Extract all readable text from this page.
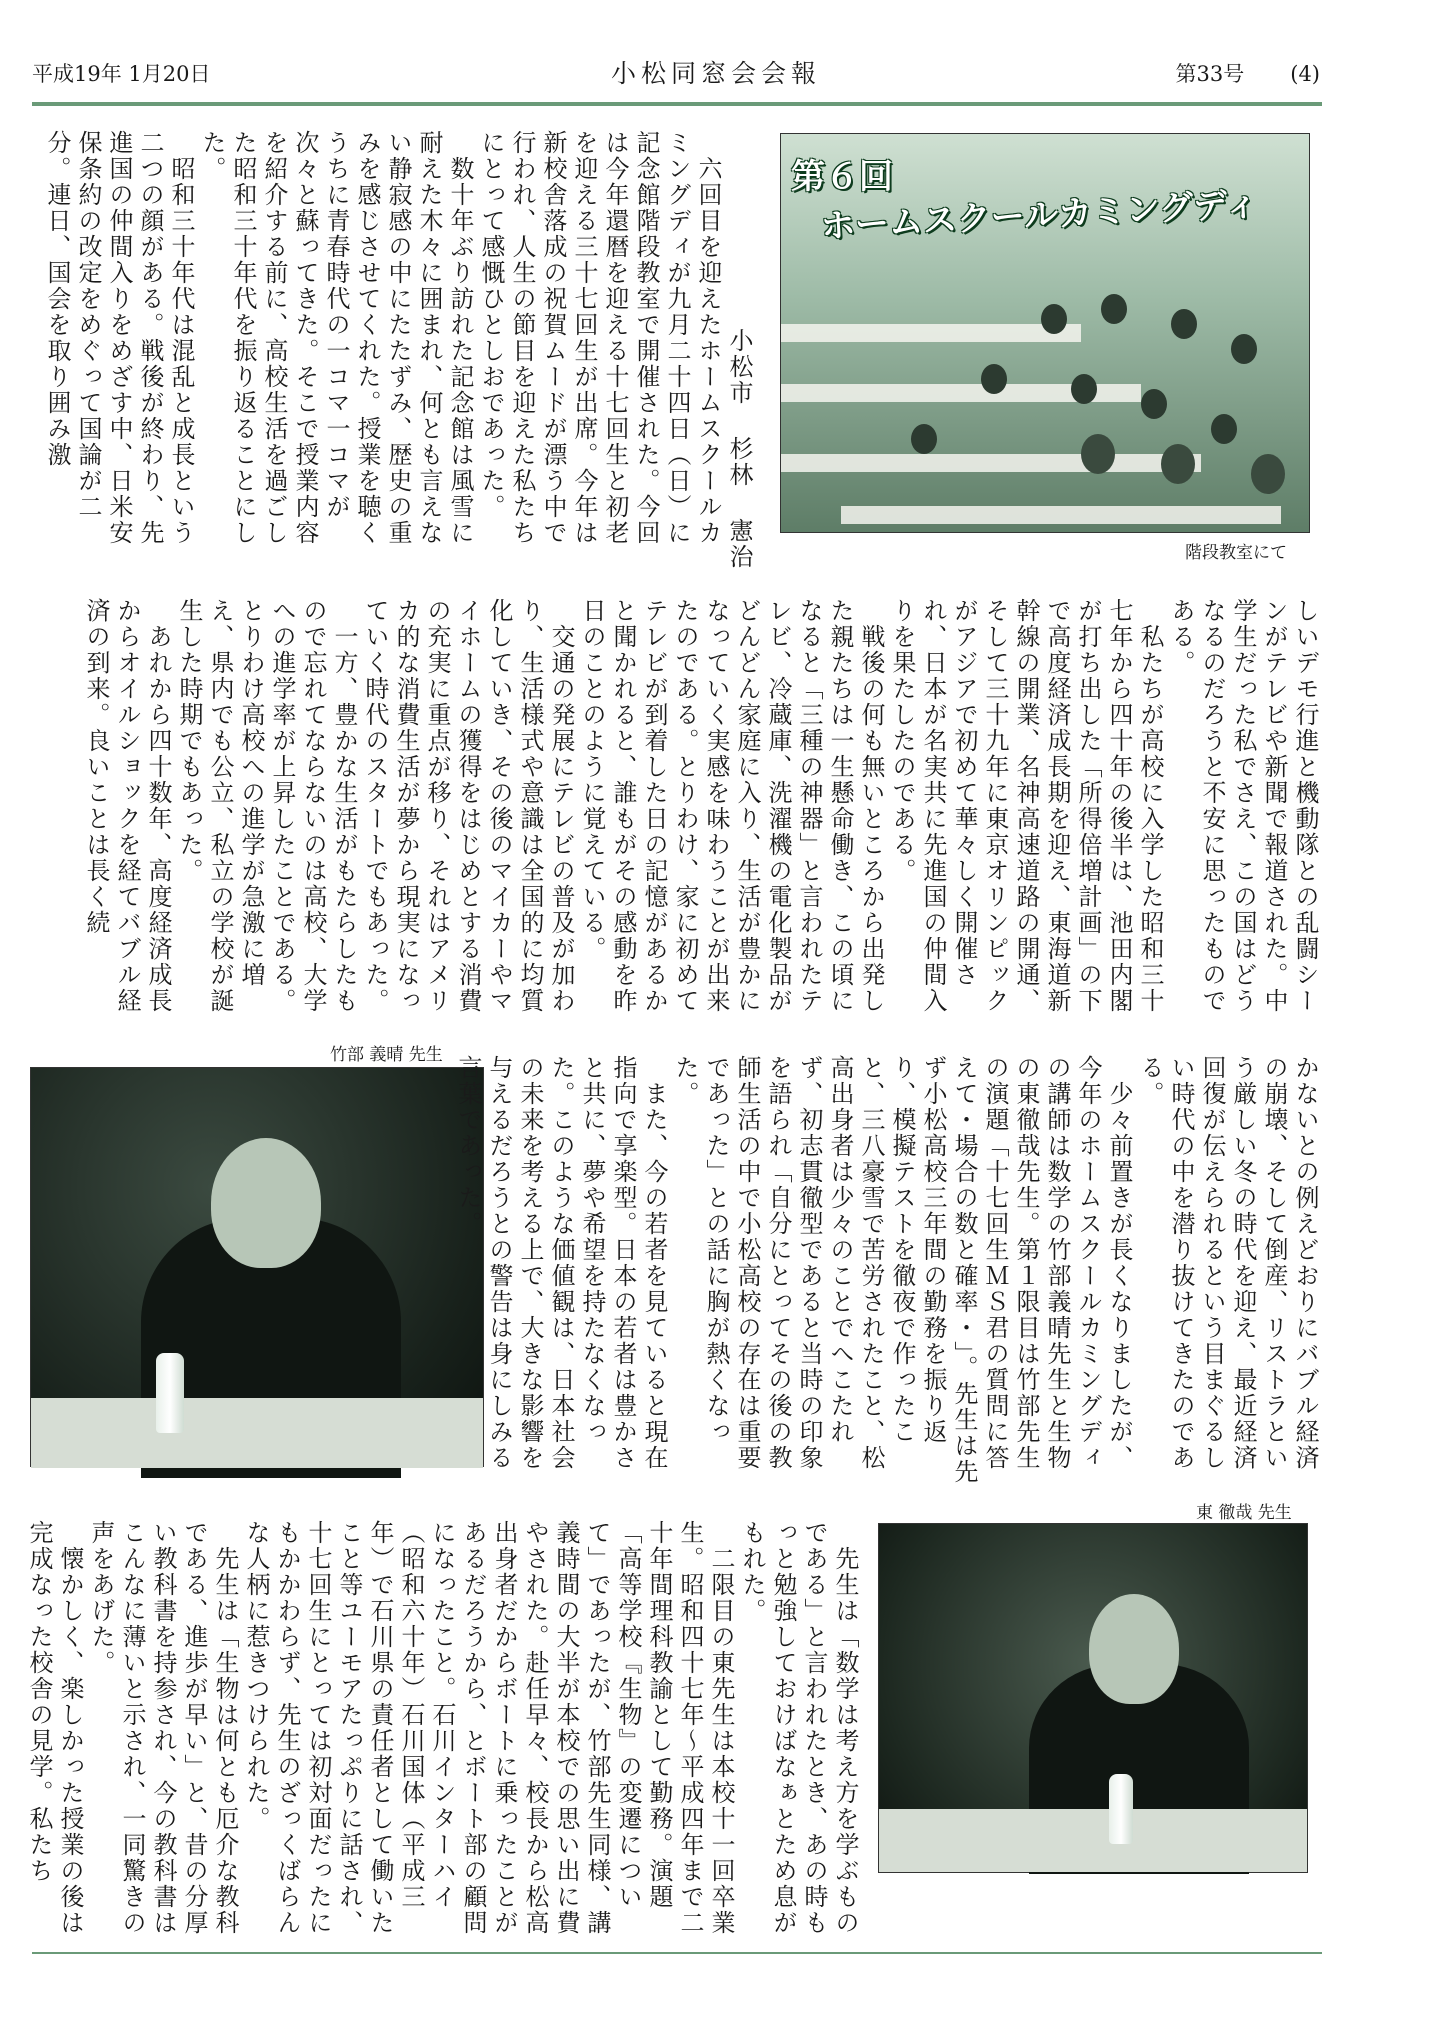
平成19年 1月20日	小松同窓会会報	第33号 (4)
第６回
ホームスクールカミングディ
階段教室にて

小松市 杉林 憲治

　六回目を迎えたホームスクールカミングディが九月二十四日（日）に記念館階段教室で開催された。今回は今年還暦を迎える十七回生と初老を迎える三十七回生が出席。今年は新校舎落成の祝賀ムードが漂う中で行われ、人生の節目を迎えた私たちにとって感慨ひとしおであった。
　数十年ぶり訪れた記念館は風雪に耐えた木々に囲まれ、何とも言えない静寂感の中にたたずみ、歴史の重みを感じさせてくれた。授業を聴くうちに青春時代の一コマ一コマが次々と蘇ってきた。そこで授業内容を紹介する前に、高校生活を過ごした昭和三十年代を振り返ることにした。
　昭和三十年代は混乱と成長という二つの顔がある。戦後が終わり、先進国の仲間入りをめざす中、日米安保条約の改定をめぐって国論が二分。連日、国会を取り囲み激

しいデモ行進と機動隊との乱闘シーンがテレビや新聞で報道された。中学生だった私でさえ、この国はどうなるのだろうと不安に思ったものである。
　私たちが高校に入学した昭和三十七年から四十年の後半は、池田内閣が打ち出した「所得倍増計画」の下で高度経済成長期を迎え、東海道新幹線の開業、名神高速道路の開通、そして三十九年に東京オリンピックがアジアで初めて華々しく開催され、日本が名実共に先進国の仲間入りを果たしたのである。
　戦後の何も無いところから出発した親たちは一生懸命働き、この頃になると「三種の神器」と言われたテレビ、冷蔵庫、洗濯機の電化製品がどんどん家庭に入り、生活が豊かになっていく実感を味わうことが出来たのである。とりわけ、家に初めてテレビが到着した日の記憶があるかと聞かれると、誰もがその感動を昨日のことのように覚えている。
　交通の発展にテレビの普及が加わり、生活様式や意識は全国的に均質化していき、その後のマイカーやマイホームの獲得をはじめとする消費の充実に重点が移り、それはアメリカ的な消費生活が夢から現実になっていく時代のスタートでもあった。
　一方、豊かな生活がもたらしたもので忘れてならないのは高校、大学への進学率が上昇したことである。とりわけ高校への進学が急激に増え、県内でも公立、私立の学校が誕生した時期でもあった。
　あれから四十数年、高度経済成長からオイルショックを経てバブル経済の到来。良いことは長く続

竹部 義晴 先生	かないとの例えどおりにバブル経済の崩壊、そして倒産、リストラという厳しい冬の時代を迎え、最近経済回復が伝えられるという目まぐるしい時代の中を潜り抜けてきたのである。
　少々前置きが長くなりましたが、今年のホームスクールカミングディの講師は数学の竹部義晴先生と生物の東徹哉先生。第１限目は竹部先生の演題「十七回生ＭＳ君の質問に答えて・場合の数と確率・」。先生は先ず小松高校三年間の勤務を振り返り、模擬テストを徹夜で作ったこと、三八豪雪で苦労されたこと、松高出身者は少々のことでへこたれず、初志貫徹型であると当時の印象を語られ「自分にとってその後の教師生活の中で小松高校の存在は重要であった」との話に胸が熱くなった。
　また、今の若者を見ていると現在指向で享楽型。日本の若者は豊かさと共に、夢や希望を持たなくなった。このような価値観は、日本社会の未来を考える上で、大きな影響を与えるだろうとの警告は身にしみる言葉であった。

東 徹哉 先生

　先生は「数学は考え方を学ぶものである」と言われたとき、あの時もっと勉強しておけばなぁとため息がもれた。
　二限目の東先生は本校十一回卒業生。昭和四十七年〜平成四年まで二十年間理科教諭として勤務。演題「高等学校『生物』の変遷について」であったが、竹部先生同様、講義時間の大半が本校での思い出に費やされた。赴任早々、校長から松高出身者だからボートに乗ったことがあるだろうから、とボート部の顧問になったこと。石川インターハイ（昭和六十年）石川国体（平成三年）で石川県の責任者として働いたこと等ユーモアたっぷりに話され、十七回生にとっては初対面だったにもかかわらず、先生のざっくばらんな人柄に惹きつけられた。
　先生は「生物は何とも厄介な教科である、進歩が早い」と、昔の分厚い教科書を持参され、今の教科書はこんなに薄いと示され、一同驚きの声をあげた。
　懐かしく、楽しかった授業の後は完成なった校舎の見学。私たち
